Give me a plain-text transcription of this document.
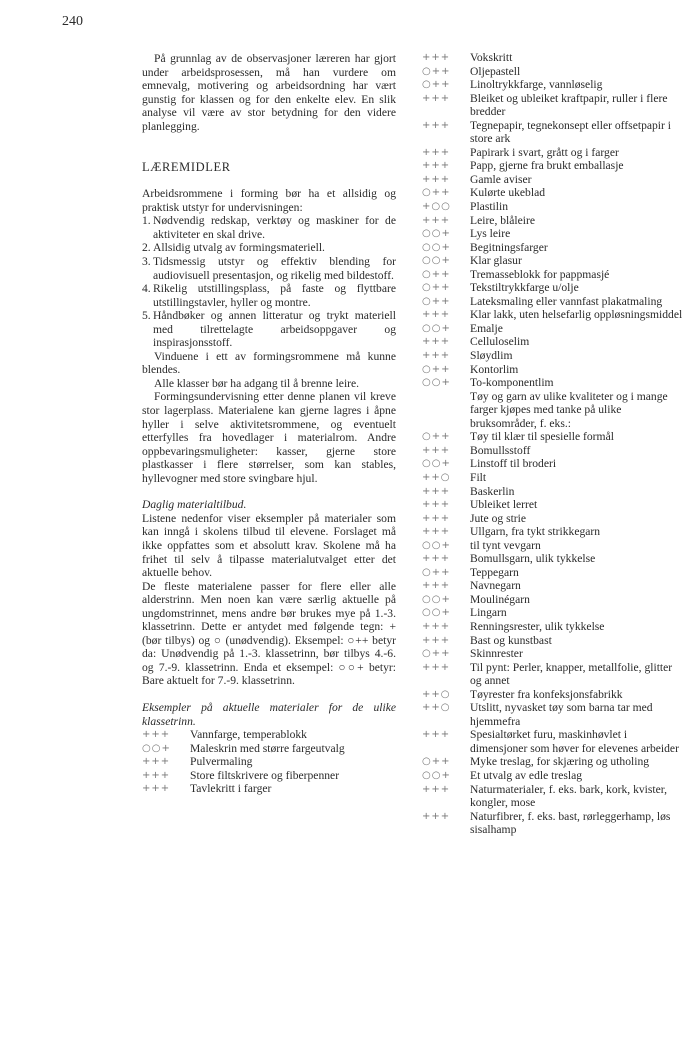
240

På grunnlag av de observasjoner læreren har gjort under arbeidsprosessen, må han vurdere om emnevalg, motivering og arbeidsordning har vært gunstig for klassen og for den enkelte elev. En slik analyse vil være av stor betydning for den videre planlegging.

LÆREMIDLER

Arbeidsrommene i forming bør ha et allsidig og praktisk utstyr for undervisningen:

1. Nødvendig redskap, verktøy og maskiner for de aktiviteter en skal drive.
2. Allsidig utvalg av formingsmateriell.
3. Tidsmessig utstyr og effektiv blending for audiovisuell presentasjon, og rikelig med bildestoff.
4. Rikelig utstillingsplass, på faste og flyttbare utstillingstavler, hyller og montre.
5. Håndbøker og annen litteratur og trykt materiell med tilrettelagte arbeidsoppgaver og inspirasjonsstoff.

Vinduene i ett av formingsrommene må kunne blendes.

Alle klasser bør ha adgang til å brenne leire.

Formingsundervisning etter denne planen vil kreve stor lagerplass. Materialene kan gjerne lagres i åpne hyller i selve aktivitetsrommene, og eventuelt etterfylles fra hovedlager i materialrom. Andre oppbevaringsmuligheter: kasser, gjerne store plastkasser i flere størrelser, som kan stables, hyllevogner med store svingbare hjul.

Daglig materialtilbud.

Listene nedenfor viser eksempler på materialer som kan inngå i skolens tilbud til elevene. Forslaget må ikke oppfattes som et absolutt krav. Skolene må ha frihet til selv å tilpasse materialutvalget etter det aktuelle behov.

De fleste materialene passer for flere eller alle alderstrinn. Men noen kan være særlig aktuelle på ungdomstrinnet, mens andre bør brukes mye på 1.-3. klassetrinn. Dette er antydet med følgende tegn: + (bør tilbys) og ○ (unødvendig). Eksempel: ○++ betyr da: Unødvendig på 1.-3. klassetrinn, bør tilbys 4.-6. og 7.-9. klassetrinn. Enda et eksempel: ○○+ betyr: Bare aktuelt for 7.-9. klassetrinn.

Eksempler på aktuelle materialer for de ulike klassetrinn.

+++	Vannfarge, temperablokk
○○+	Maleskrin med større fargeutvalg
+++	Pulvermaling
+++	Store filtskrivere og fiberpenner
+++	Tavlekritt i farger
+++	Vokskritt
○++	Oljepastell
○++	Linoltrykkfarge, vannløselig
+++	Bleiket og ubleiket kraftpapir, ruller i flere bredder
+++	Tegnepapir, tegnekonsept eller offsetpapir i store ark
+++	Papirark i svart, grått og i farger
+++	Papp, gjerne fra brukt emballasje
+++	Gamle aviser
○++	Kulørte ukeblad
+○○	Plastilin
+++	Leire, blåleire
○○+	Lys leire
○○+	Begitningsfarger
○○+	Klar glasur
○++	Tremasseblokk for pappmasjé
○++	Tekstiltrykkfarge u/olje
○++	Lateksmaling eller vannfast plakatmaling
+++	Klar lakk, uten helsefarlig oppløsningsmiddel
○○+	Emalje
+++	Celluloselim
+++	Sløydlim
○++	Kontorlim
○○+	To-komponentlim
Tøy og garn av ulike kvaliteter og i mange farger kjøpes med tanke på ulike bruksområder, f. eks.:
○++	Tøy til klær til spesielle formål
+++	Bomullsstoff
○○+	Linstoff til broderi
++○	Filt
+++	Baskerlin
+++	Ubleiket lerret
+++	Jute og strie
+++	Ullgarn, fra tykt strikkegarn
○○+	til tynt vevgarn
+++	Bomullsgarn, ulik tykkelse
○++	Teppegarn
+++	Navnegarn
○○+	Moulinégarn
○○+	Lingarn
+++	Renningsrester, ulik tykkelse
+++	Bast og kunstbast
○++	Skinnrester
+++	Til pynt: Perler, knapper, metallfolie, glitter og annet
++○	Tøyrester fra konfeksjonsfabrikk
++○	Utslitt, nyvasket tøy som barna tar med hjemmefra
+++	Spesialtørket furu, maskinhøvlet i dimensjoner som høver for elevenes arbeider
○++	Myke treslag, for skjæring og utholing
○○+	Et utvalg av edle treslag
+++	Naturmaterialer, f. eks. bark, kork, kvister, kongler, mose
+++	Naturfibrer, f. eks. bast, rørleggerhamp, løs sisalhamp
